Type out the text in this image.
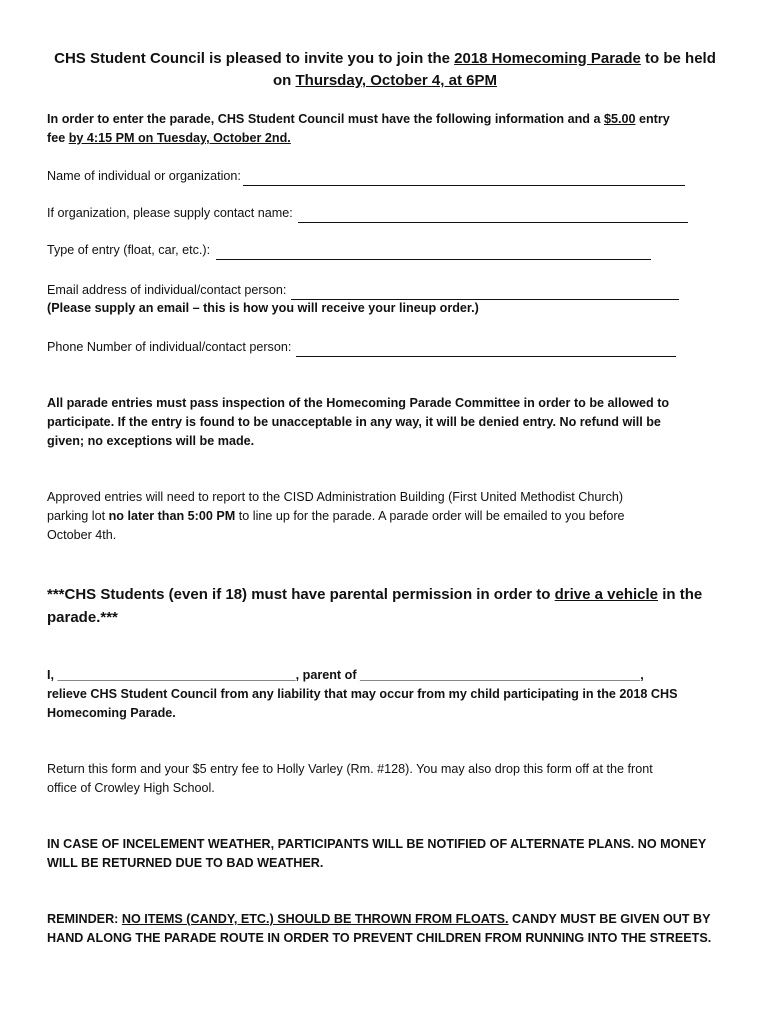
CHS Student Council is pleased to invite you to join the 2018 Homecoming Parade to be held
on Thursday, October 4, at 6PM
In order to enter the parade, CHS Student Council must have the following information and a $5.00 entry
fee by 4:15 PM on Tuesday, October 2nd.
Name of individual or organization:
If organization, please supply contact name:
Type of entry (float, car, etc.):
Email address of individual/contact person:
(Please supply an email – this is how you will receive your lineup order.)
Phone Number of individual/contact person:
All parade entries must pass inspection of the Homecoming Parade Committee in order to be allowed to
participate. If the entry is found to be unacceptable in any way, it will be denied entry. No refund will be
given; no exceptions will be made.
Approved entries will need to report to the CISD Administration Building (First United Methodist Church)
parking lot no later than 5:00 PM to line up for the parade. A parade order will be emailed to you before
October 4th.
***CHS Students (even if 18) must have parental permission in order to drive a vehicle in the
parade.***
I, __________________________________, parent of ________________________________________,
relieve CHS Student Council from any liability that may occur from my child participating in the 2018 CHS
Homecoming Parade.
Return this form and your $5 entry fee to Holly Varley (Rm. #128). You may also drop this form off at the front
office of Crowley High School.
IN CASE OF INCELEMENT WEATHER, PARTICIPANTS WILL BE NOTIFIED OF ALTERNATE PLANS. NO MONEY
WILL BE RETURNED DUE TO BAD WEATHER.
REMINDER: NO ITEMS (CANDY, ETC.) SHOULD BE THROWN FROM FLOATS. CANDY MUST BE GIVEN OUT BY
HAND ALONG THE PARADE ROUTE IN ORDER TO PREVENT CHILDREN FROM RUNNING INTO THE STREETS.
